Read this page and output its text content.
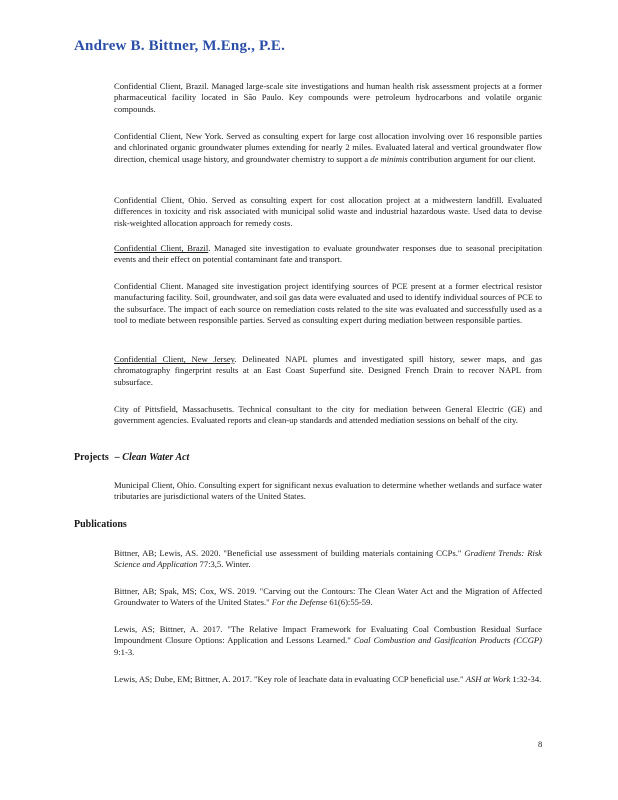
Andrew B. Bittner, M.Eng., P.E.
Confidential Client, Brazil. Managed large-scale site investigations and human health risk assessment projects at a former pharmaceutical facility located in São Paulo. Key compounds were petroleum hydrocarbons and volatile organic compounds.
Confidential Client, New York. Served as consulting expert for large cost allocation involving over 16 responsible parties and chlorinated organic groundwater plumes extending for nearly 2 miles. Evaluated lateral and vertical groundwater flow direction, chemical usage history, and groundwater chemistry to support a de minimis contribution argument for our client.
Confidential Client, Ohio. Served as consulting expert for cost allocation project at a midwestern landfill. Evaluated differences in toxicity and risk associated with municipal solid waste and industrial hazardous waste. Used data to devise risk-weighted allocation approach for remedy costs.
Confidential Client, Brazil. Managed site investigation to evaluate groundwater responses due to seasonal precipitation events and their effect on potential contaminant fate and transport.
Confidential Client. Managed site investigation project identifying sources of PCE present at a former electrical resistor manufacturing facility. Soil, groundwater, and soil gas data were evaluated and used to identify individual sources of PCE to the subsurface. The impact of each source on remediation costs related to the site was evaluated and successfully used as a tool to mediate between responsible parties. Served as consulting expert during mediation between responsible parties.
Confidential Client, New Jersey. Delineated NAPL plumes and investigated spill history, sewer maps, and gas chromatography fingerprint results at an East Coast Superfund site. Designed French Drain to recover NAPL from subsurface.
City of Pittsfield, Massachusetts. Technical consultant to the city for mediation between General Electric (GE) and government agencies. Evaluated reports and clean-up standards and attended mediation sessions on behalf of the city.
Projects – Clean Water Act
Municipal Client, Ohio. Consulting expert for significant nexus evaluation to determine whether wetlands and surface water tributaries are jurisdictional waters of the United States.
Publications
Bittner, AB; Lewis, AS. 2020. "Beneficial use assessment of building materials containing CCPs." Gradient Trends: Risk Science and Application 77:3,5. Winter.
Bittner, AB; Spak, MS; Cox, WS. 2019. "Carving out the Contours: The Clean Water Act and the Migration of Affected Groundwater to Waters of the United States." For the Defense 61(6):55-59.
Lewis, AS; Bittner, A. 2017. "The Relative Impact Framework for Evaluating Coal Combustion Residual Surface Impoundment Closure Options: Application and Lessons Learned." Coal Combustion and Gasification Products (CCGP) 9:1-3.
Lewis, AS; Dube, EM; Bittner, A. 2017. "Key role of leachate data in evaluating CCP beneficial use." ASH at Work 1:32-34.
8
